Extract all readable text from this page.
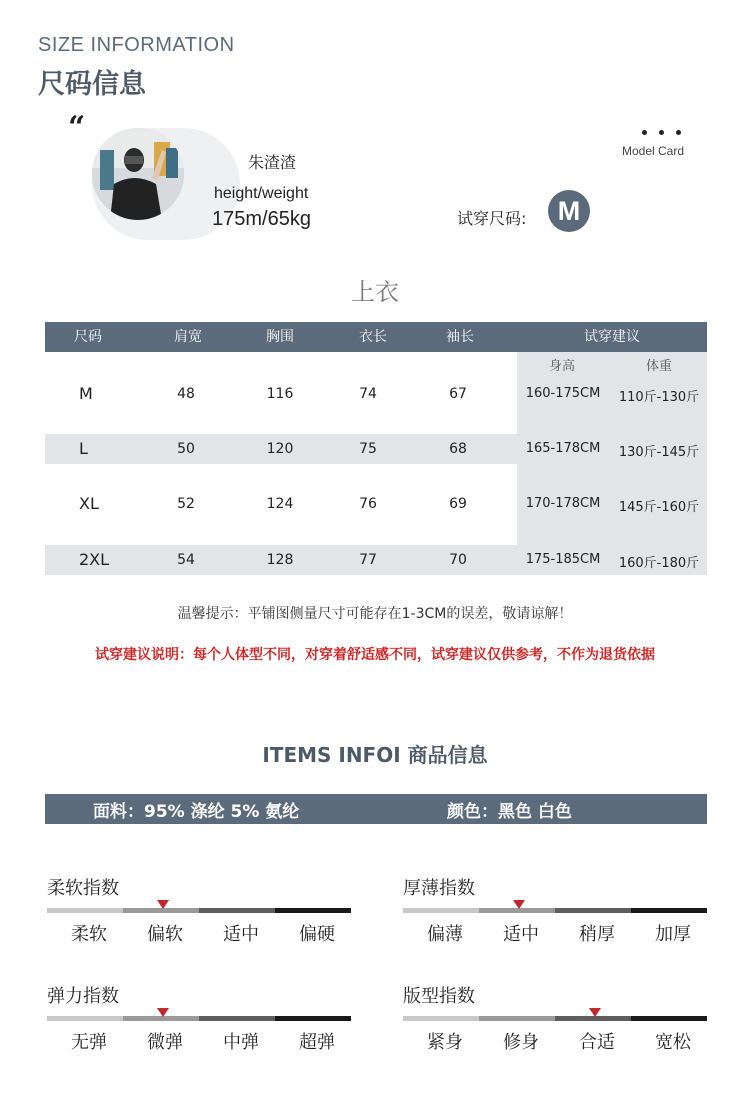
SIZE INFORMATION
尺码信息
“
朱渣渣
height/weight
175m/65kg
Model Card
试穿尺码:	M
上衣
尺码	肩宽	胸围	衣长	袖长	试穿建议
身高	体重
M	48	116	74	67	160-175CM	110斤-130斤
L	50	120	75	68	165-178CM	130斤-145斤
XL	52	124	76	69	170-178CM	145斤-160斤
2XL	54	128	77	70	175-185CM	160斤-180斤
温馨提示：平铺图侧量尺寸可能存在1-3CM的误差，敬请谅解！
试穿建议说明：每个人体型不同，对穿着舒适感不同，试穿建议仅供参考，不作为退货依据
ITEMS INFOI 商品信息
面料：95% 涤纶 5% 氨纶	颜色：黑色 白色
柔软指数
柔软	偏软	适中	偏硬
厚薄指数
偏薄	适中	稍厚	加厚
弹力指数
无弹	微弹	中弹	超弹
版型指数
紧身	修身	合适	宽松
